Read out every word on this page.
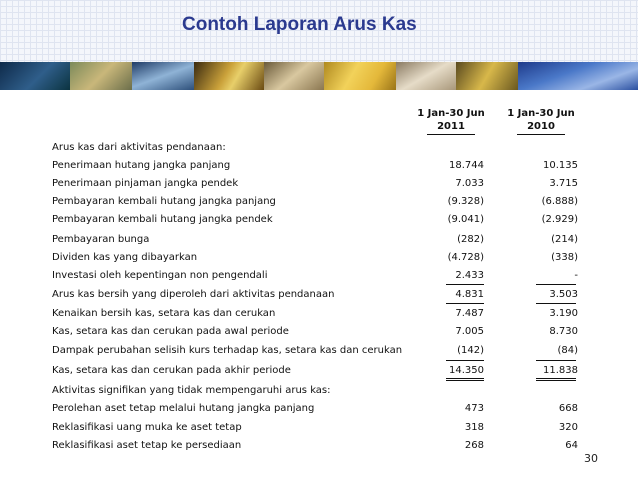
Contoh Laporan Arus Kas
1 Jan-30 Jun
2011
1 Jan-30 Jun
2010
Arus kas dari aktivitas pendanaan:
Penerimaan hutang jangka panjang	18.744	10.135
Penerimaan pinjaman jangka pendek	7.033	3.715
Pembayaran kembali hutang jangka panjang	(9.328)	(6.888)
Pembayaran kembali hutang jangka pendek	(9.041)	(2.929)
Pembayaran bunga	(282)	(214)
Dividen kas yang dibayarkan	(4.728)	(338)
Investasi oleh kepentingan non pengendali	2.433	-
Arus kas bersih yang diperoleh dari aktivitas pendanaan	4.831	3.503
Kenaikan bersih kas, setara kas dan cerukan	7.487	3.190
Kas, setara kas dan cerukan pada awal periode	7.005	8.730
Dampak perubahan selisih kurs terhadap kas, setara kas dan cerukan	(142)	(84)
Kas, setara kas dan cerukan pada akhir periode	14.350	11.838
Aktivitas signifikan yang tidak mempengaruhi arus kas:
Perolehan aset tetap melalui hutang jangka panjang	473	668
Reklasifikasi uang muka ke aset tetap	318	320
Reklasifikasi aset tetap ke persediaan	268	64
30
